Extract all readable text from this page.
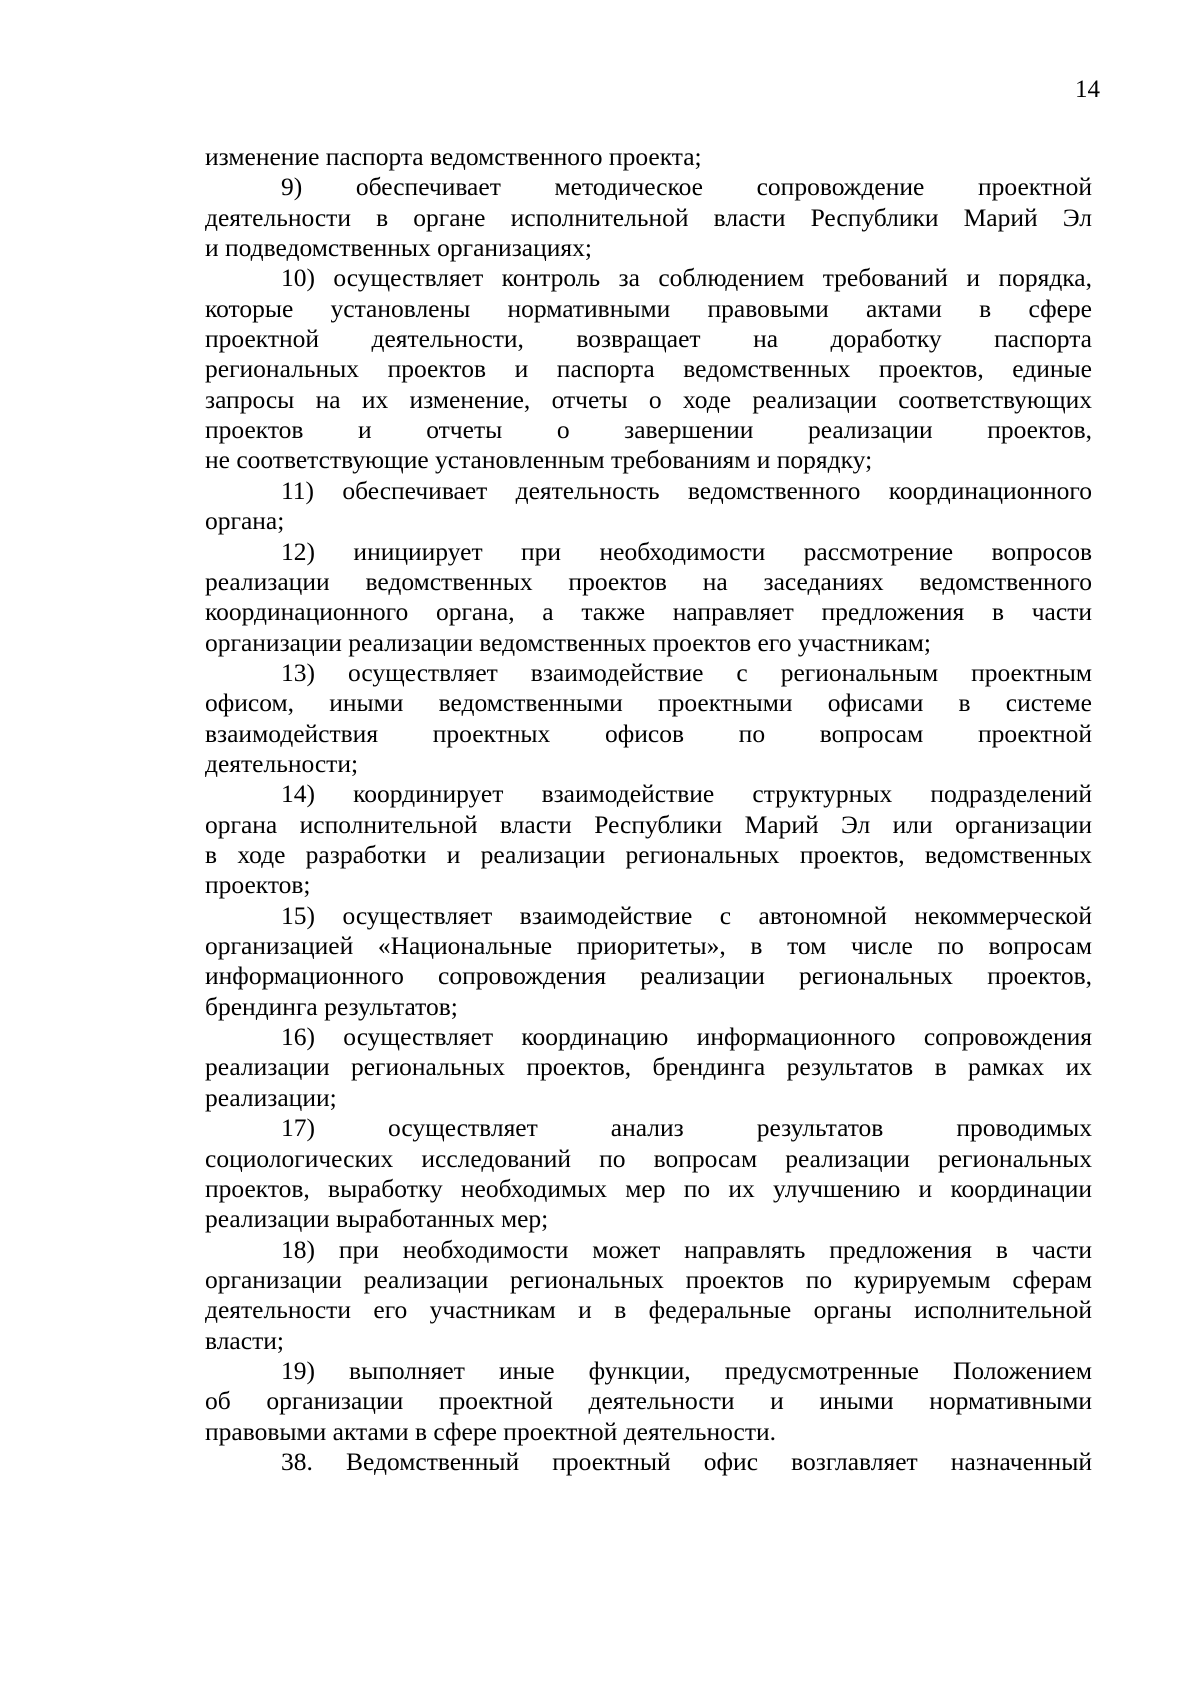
14
изменение паспорта ведомственного проекта;
9) обеспечивает методическое сопровождение проектной
деятельности в органе исполнительной власти Республики Марий Эл
и подведомственных организациях;
10) осуществляет контроль за соблюдением требований и порядка,
которые установлены нормативными правовыми актами в сфере
проектной деятельности, возвращает на доработку паспорта
региональных проектов и паспорта ведомственных проектов, единые
запросы на их изменение, отчеты о ходе реализации соответствующих
проектов и отчеты о завершении реализации проектов,
не соответствующие установленным требованиям и порядку;
11) обеспечивает деятельность ведомственного координационного
органа;
12) инициирует при необходимости рассмотрение вопросов
реализации ведомственных проектов на заседаниях ведомственного
координационного органа, а также направляет предложения в части
организации реализации ведомственных проектов его участникам;
13) осуществляет взаимодействие с региональным проектным
офисом, иными ведомственными проектными офисами в системе
взаимодействия проектных офисов по вопросам проектной
деятельности;
14) координирует взаимодействие структурных подразделений
органа исполнительной власти Республики Марий Эл или организации
в ходе разработки и реализации региональных проектов, ведомственных
проектов;
15) осуществляет взаимодействие с автономной некоммерческой
организацией «Национальные приоритеты», в том числе по вопросам
информационного сопровождения реализации региональных проектов,
брендинга результатов;
16) осуществляет координацию информационного сопровождения
реализации региональных проектов, брендинга результатов в рамках их
реализации;
17) осуществляет анализ результатов проводимых
социологических исследований по вопросам реализации региональных
проектов, выработку необходимых мер по их улучшению и координации
реализации выработанных мер;
18) при необходимости может направлять предложения в части
организации реализации региональных проектов по курируемым сферам
деятельности его участникам и в федеральные органы исполнительной
власти;
19) выполняет иные функции, предусмотренные Положением
об организации проектной деятельности и иными нормативными
правовыми актами в сфере проектной деятельности.
38. Ведомственный проектный офис возглавляет назначенный
